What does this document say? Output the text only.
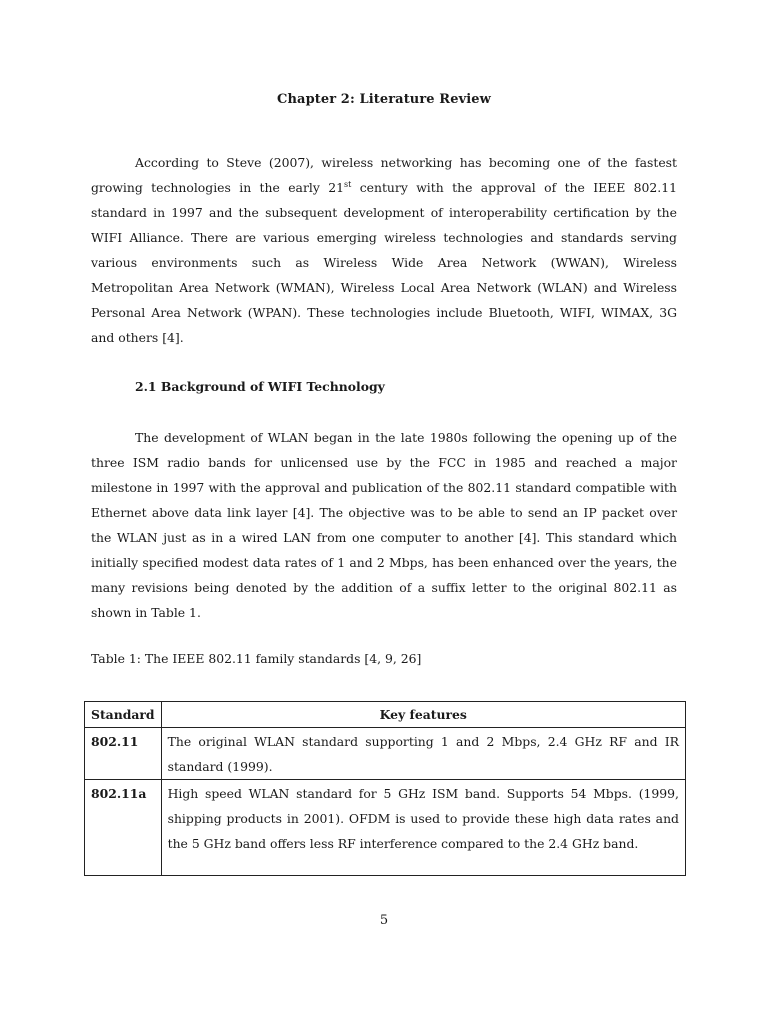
Chapter 2: Literature Review
According to Steve (2007), wireless networking has becoming one of the fastest
growing technologies in the early 21st century with the approval of the IEEE 802.11
standard in 1997 and the subsequent development of interoperability certification by the
WIFI Alliance. There are various emerging wireless technologies and standards serving
various environments such as Wireless Wide Area Network (WWAN), Wireless
Metropolitan Area Network (WMAN), Wireless Local Area Network (WLAN) and Wireless
Personal Area Network (WPAN). These technologies include Bluetooth, WIFI, WIMAX, 3G
and others [4].
2.1 Background of WIFI Technology
The development of WLAN began in the late 1980s following the opening up of the
three ISM radio bands for unlicensed use by the FCC in 1985 and reached a major
milestone in 1997 with the approval and publication of the 802.11 standard compatible with
Ethernet above data link layer [4]. The objective was to be able to send an IP packet over
the WLAN just as in a wired LAN from one computer to another [4]. This standard which
initially specified modest data rates of 1 and 2 Mbps, has been enhanced over the years, the
many revisions being denoted by the addition of a suffix letter to the original 802.11 as
shown in Table 1.
Table 1: The IEEE 802.11 family standards [4, 9, 26]
Standard	Key features
802.11	The original WLAN standard supporting 1 and 2 Mbps, 2.4 GHz RF and IR
standard (1999).

802.11a	High speed WLAN standard for 5 GHz ISM band. Supports 54 Mbps. (1999,
shipping products in 2001). OFDM is used to provide these high data rates and
the 5 GHz band offers less RF interference compared to the 2.4 GHz band.
5
